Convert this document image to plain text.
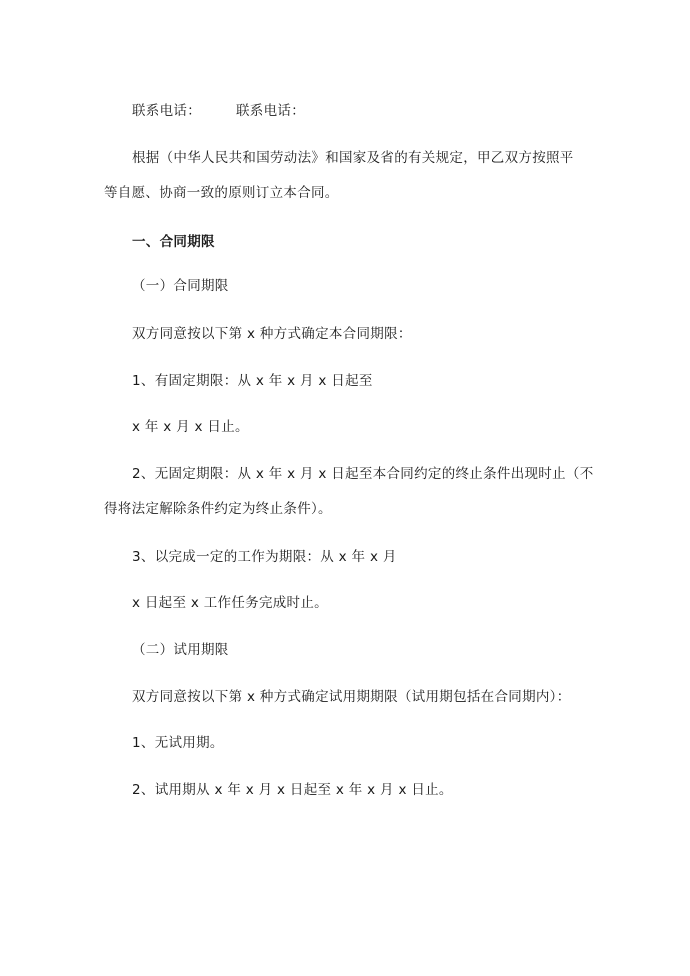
联系电话：	联系电话：
根据（中华人民共和国劳动法》和国家及省的有关规定，甲乙双方按照平
等自愿、协商一致的原则订立本合同。
一、合同期限
（一）合同期限
双方同意按以下第 x 种方式确定本合同期限：
1、有固定期限：从 x 年 x 月 x 日起至
x 年 x 月 x 日止。
2、无固定期限：从 x 年 x 月 x 日起至本合同约定的终止条件出现时止（不
得将法定解除条件约定为终止条件）。
3、以完成一定的工作为期限：从 x 年 x 月
x 日起至 x 工作任务完成时止。
（二）试用期限
双方同意按以下第 x 种方式确定试用期期限（试用期包括在合同期内）：
1、无试用期。
2、试用期从 x 年 x 月 x 日起至 x 年 x 月 x 日止。
